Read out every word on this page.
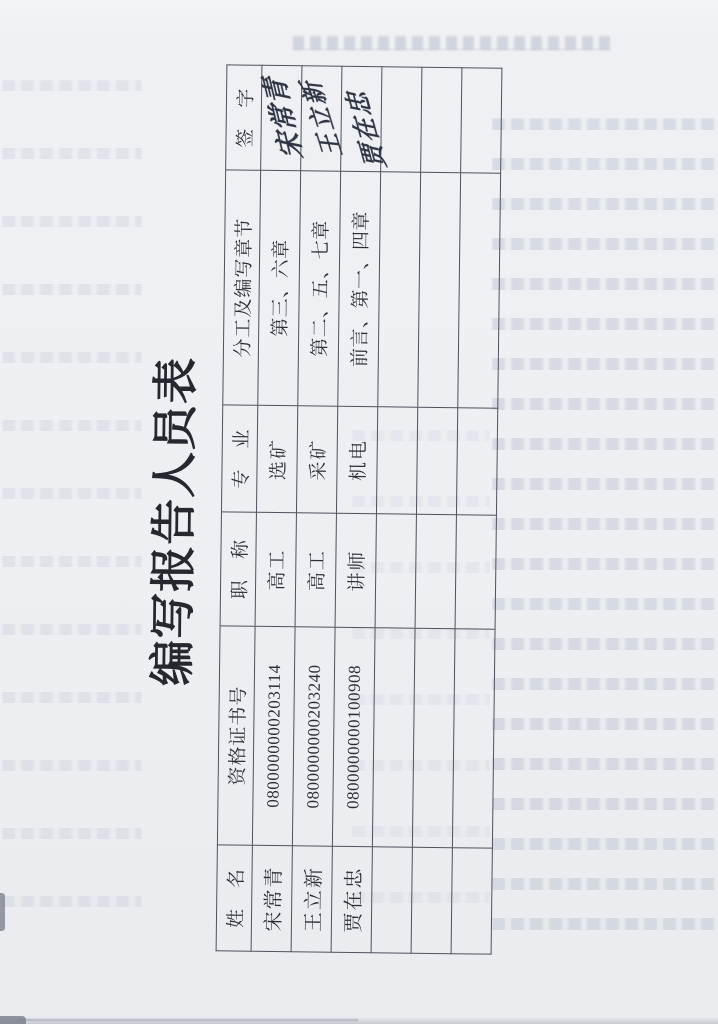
编写报告人员表
姓　名	资格证书号	职　称	专　业	分工及编写章节	签　字
宋常青	0800000000203114	高工	选矿	第三、六章	宋常青
王立新	0800000000203240	高工	采矿	第二、五、七章	王立新
贾在忠	0800000000100908	讲师	机电	前言、第一、四章	贾在忠
